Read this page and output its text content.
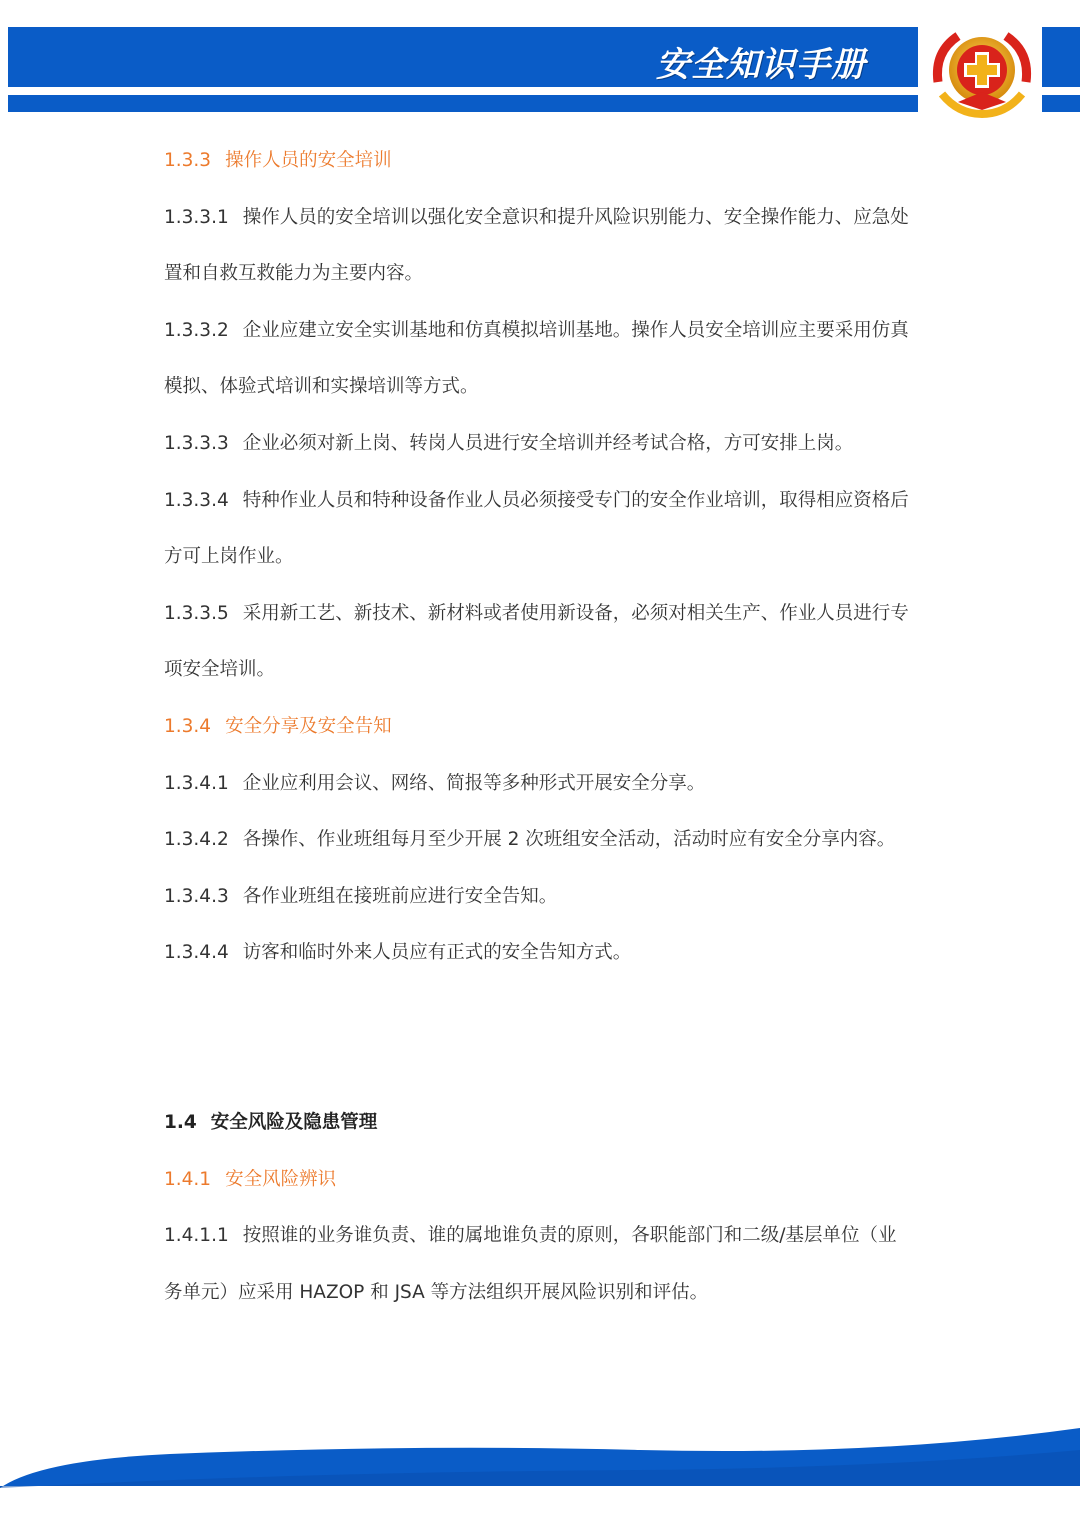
安全知识手册
1.3.3 操作人员的安全培训
1.3.3.1 操作人员的安全培训以强化安全意识和提升风险识别能力、安全操作能力、应急处
置和自救互救能力为主要内容。
1.3.3.2 企业应建立安全实训基地和仿真模拟培训基地。操作人员安全培训应主要采用仿真
模拟、体验式培训和实操培训等方式。
1.3.3.3 企业必须对新上岗、转岗人员进行安全培训并经考试合格，方可安排上岗。
1.3.3.4 特种作业人员和特种设备作业人员必须接受专门的安全作业培训，取得相应资格后
方可上岗作业。
1.3.3.5 采用新工艺、新技术、新材料或者使用新设备，必须对相关生产、作业人员进行专
项安全培训。
1.3.4 安全分享及安全告知
1.3.4.1 企业应利用会议、网络、简报等多种形式开展安全分享。
1.3.4.2 各操作、作业班组每月至少开展 2 次班组安全活动，活动时应有安全分享内容。
1.3.4.3 各作业班组在接班前应进行安全告知。
1.3.4.4 访客和临时外来人员应有正式的安全告知方式。
1.4 安全风险及隐患管理
1.4.1 安全风险辨识
1.4.1.1 按照谁的业务谁负责、谁的属地谁负责的原则，各职能部门和二级/基层单位（业
务单元）应采用 HAZOP 和 JSA 等方法组织开展风险识别和评估。
